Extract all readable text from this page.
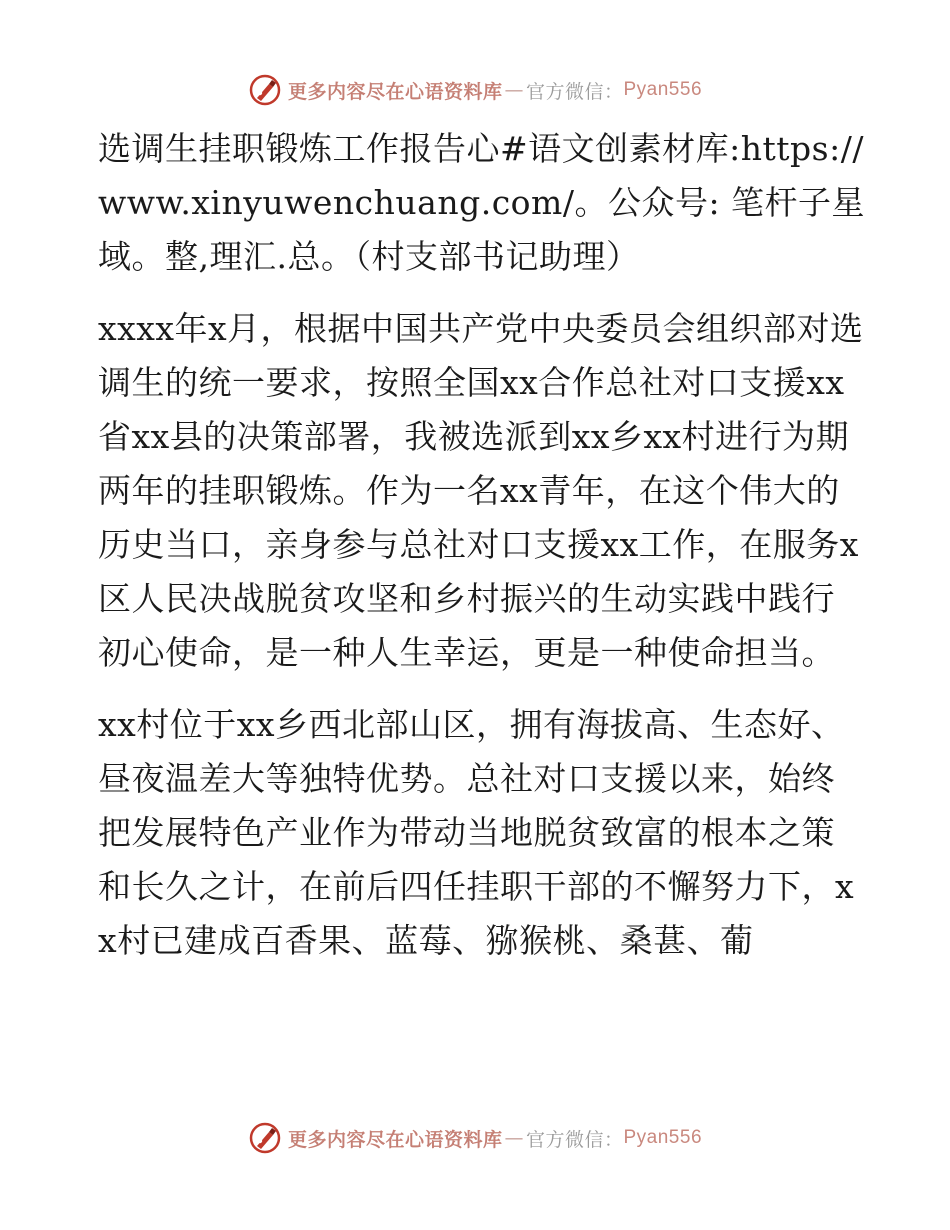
更多内容尽在心语资料库 — 官方微信： Pyan556

选调生挂职锻炼工作报告心#语文创素材库:https://www.xinyuwenchuang.com/。公众号: 笔杆子星域。整,理汇.总。（村支部书记助理）

xxxx年x月，根据中国共产党中央委员会组织部对选调生的统一要求，按照全国xx合作总社对口支援xx省xx县的决策部署，我被选派到xx乡xx村进行为期两年的挂职锻炼。作为一名xx青年，在这个伟大的历史当口，亲身参与总社对口支援xx工作，在服务x区人民决战脱贫攻坚和乡村振兴的生动实践中践行初心使命，是一种人生幸运，更是一种使命担当。

xx村位于xx乡西北部山区，拥有海拔高、生态好、昼夜温差大等独特优势。总社对口支援以来，始终把发展特色产业作为带动当地脱贫致富的根本之策和长久之计，在前后四任挂职干部的不懈努力下，xx村已建成百香果、蓝莓、猕猴桃、桑葚、葡

更多内容尽在心语资料库 — 官方微信： Pyan556
